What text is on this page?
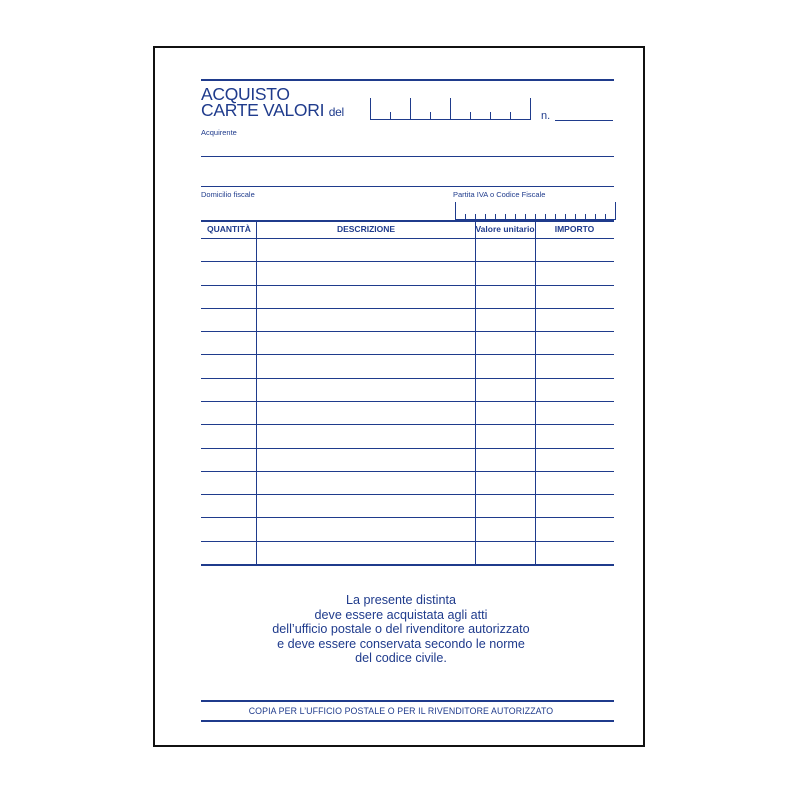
ACQUISTO
CARTE VALORI del	n.
Acquirente
Domicilio fiscale	Partita IVA o Codice Fiscale
QUANTITÀ	DESCRIZIONE	Valore unitario	IMPORTO
La presente distinta
deve essere acquistata agli atti
dell’ufficio postale o del rivenditore autorizzato
e deve essere conservata secondo le norme
del codice civile.
COPIA PER L’UFFICIO POSTALE O PER IL RIVENDITORE AUTORIZZATO
